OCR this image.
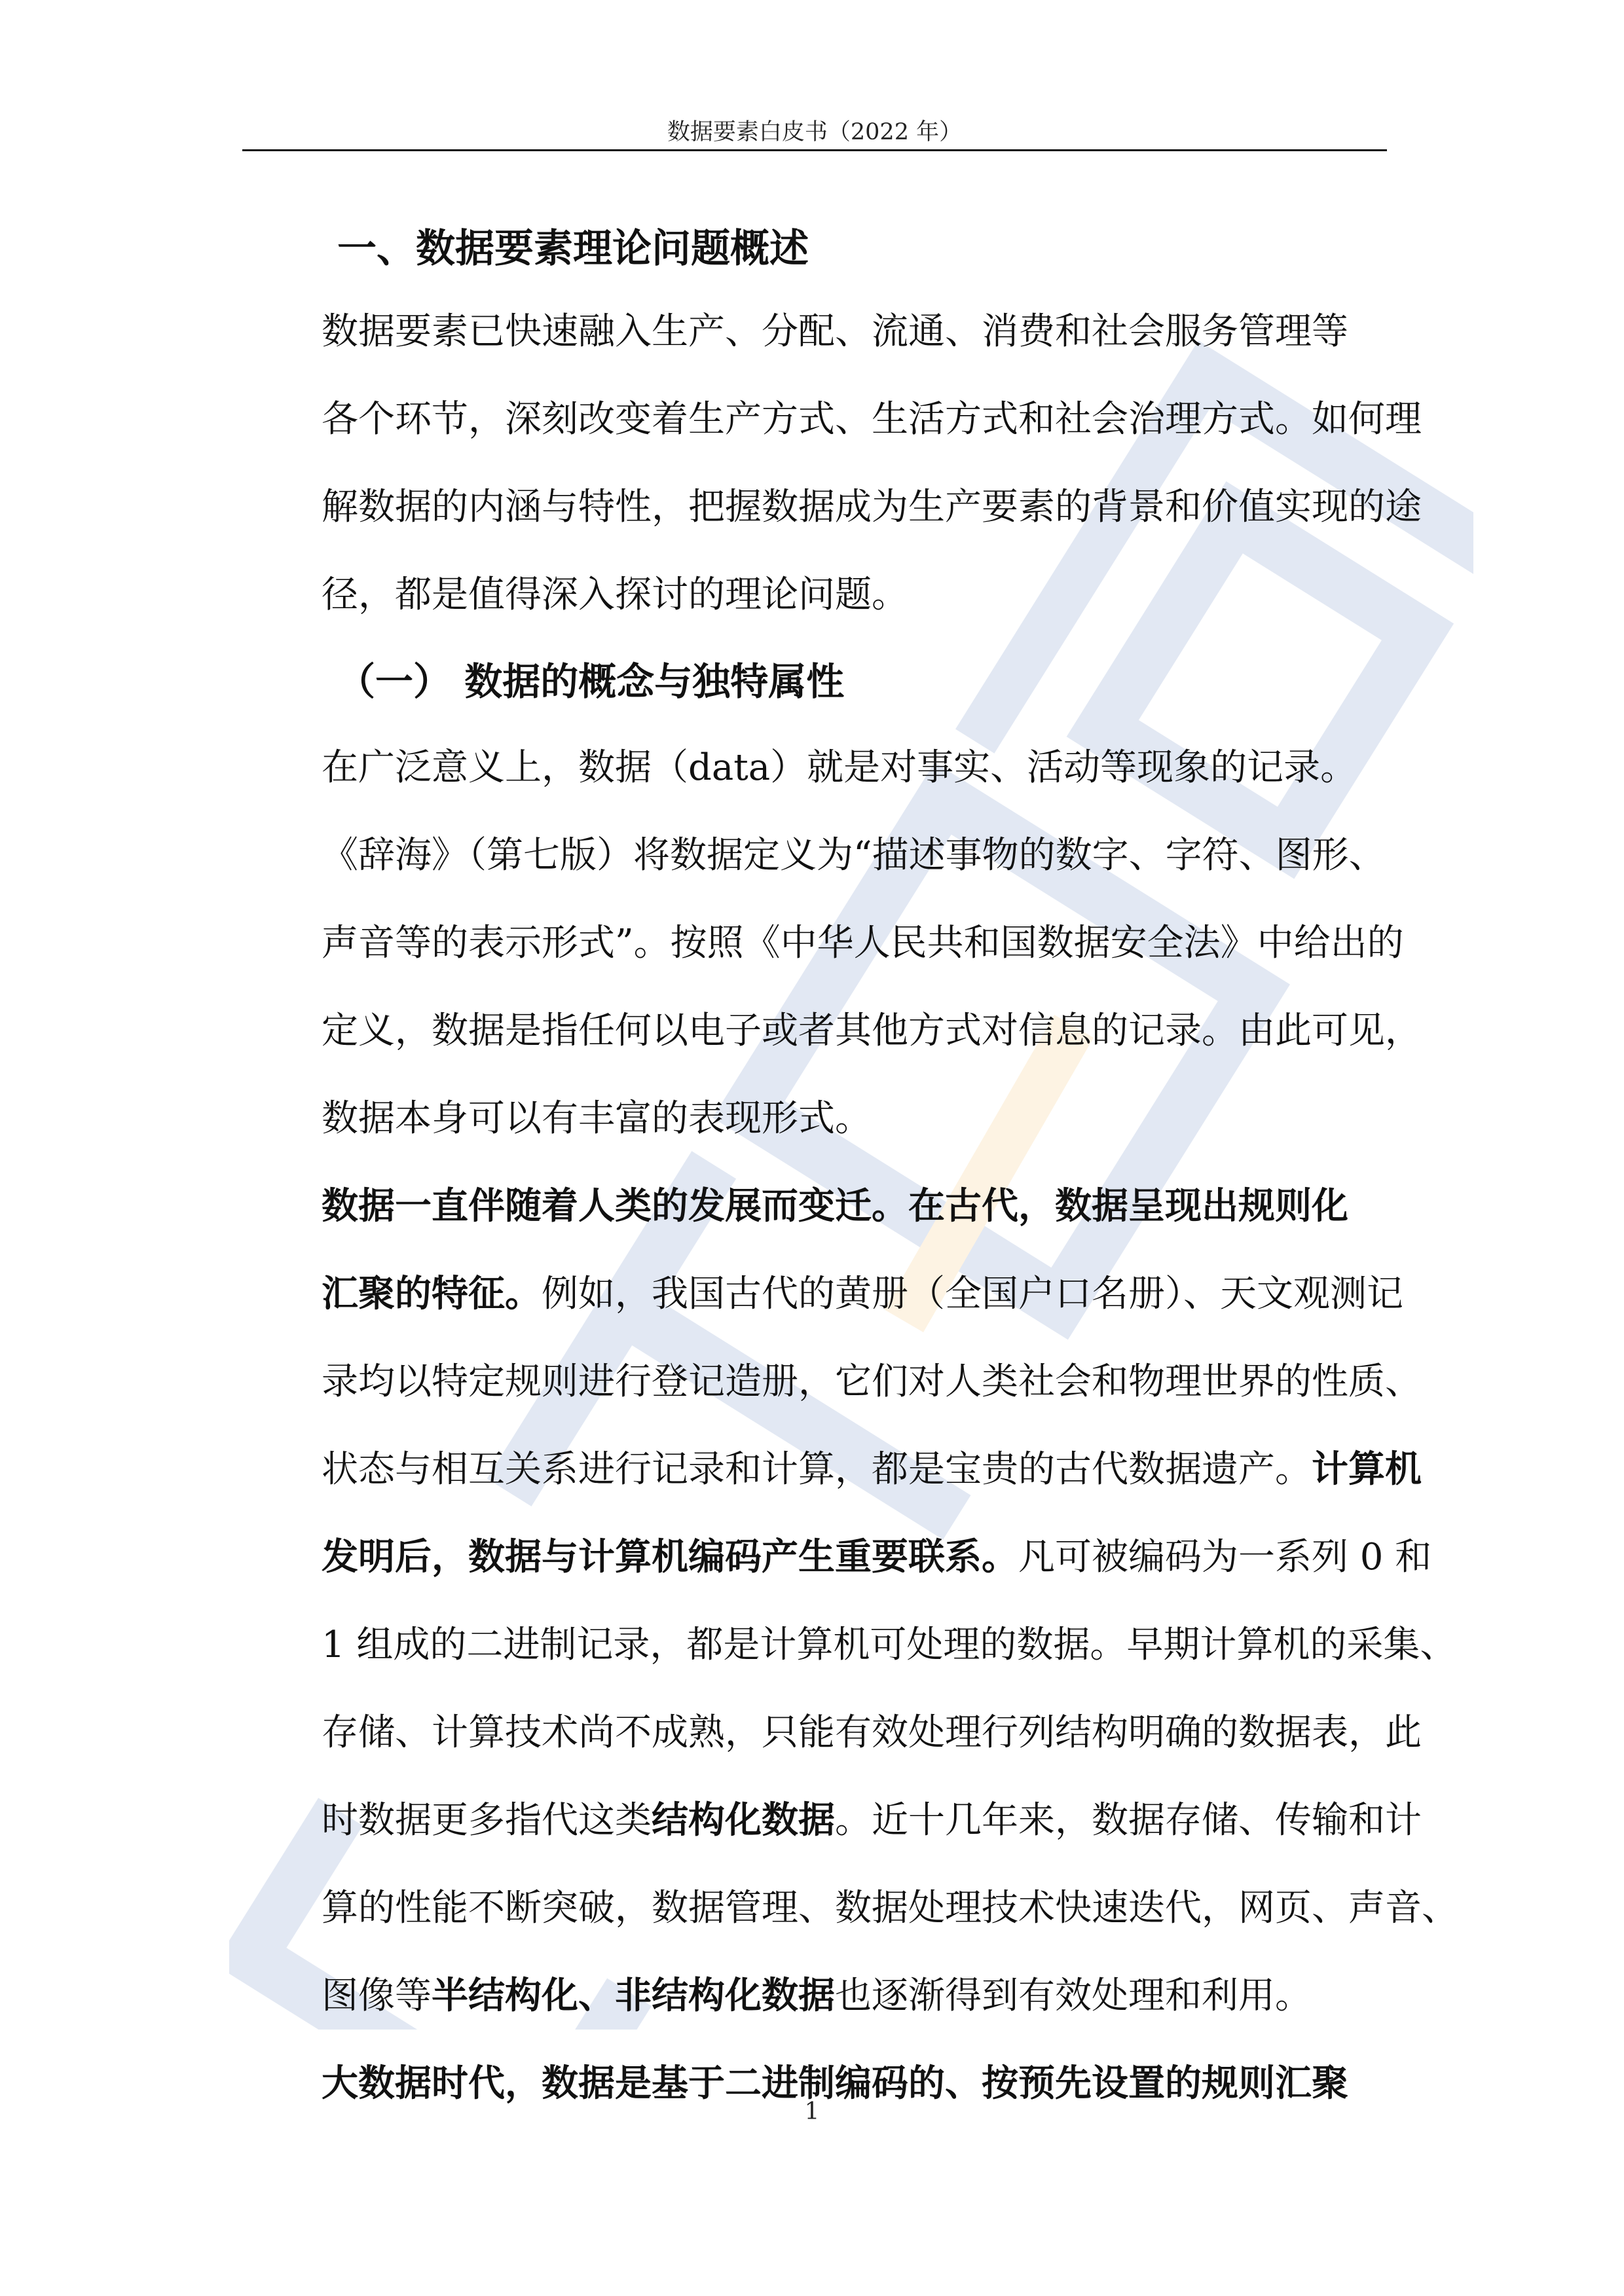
数据要素白皮书（2022 年）
一、数据要素理论问题概述

数据要素已快速融入生产、分配、流通、消费和社会服务管理等
各个环节，深刻改变着生产方式、生活方式和社会治理方式。如何理
解数据的内涵与特性，把握数据成为生产要素的背景和价值实现的途
径，都是值得深入探讨的理论问题。

（一） 数据的概念与独特属性

在广泛意义上，数据（data）就是对事实、活动等现象的记录。
《辞海》（第七版）将数据定义为“描述事物的数字、字符、图形、
声音等的表示形式”。按照《中华人民共和国数据安全法》中给出的
定义，数据是指任何以电子或者其他方式对信息的记录。由此可见，
数据本身可以有丰富的表现形式。

数据一直伴随着人类的发展而变迁。在古代，数据呈现出规则化
汇聚的特征。例如，我国古代的黄册（全国户口名册）、天文观测记
录均以特定规则进行登记造册，它们对人类社会和物理世界的性质、
状态与相互关系进行记录和计算，都是宝贵的古代数据遗产。计算机
发明后，数据与计算机编码产生重要联系。凡可被编码为一系列 0 和
1 组成的二进制记录，都是计算机可处理的数据。早期计算机的采集、
存储、计算技术尚不成熟，只能有效处理行列结构明确的数据表，此
时数据更多指代这类结构化数据。近十几年来，数据存储、传输和计
算的性能不断突破，数据管理、数据处理技术快速迭代，网页、声音、
图像等半结构化、非结构化数据也逐渐得到有效处理和利用。

大数据时代，数据是基于二进制编码的、按预先设置的规则汇聚

1
